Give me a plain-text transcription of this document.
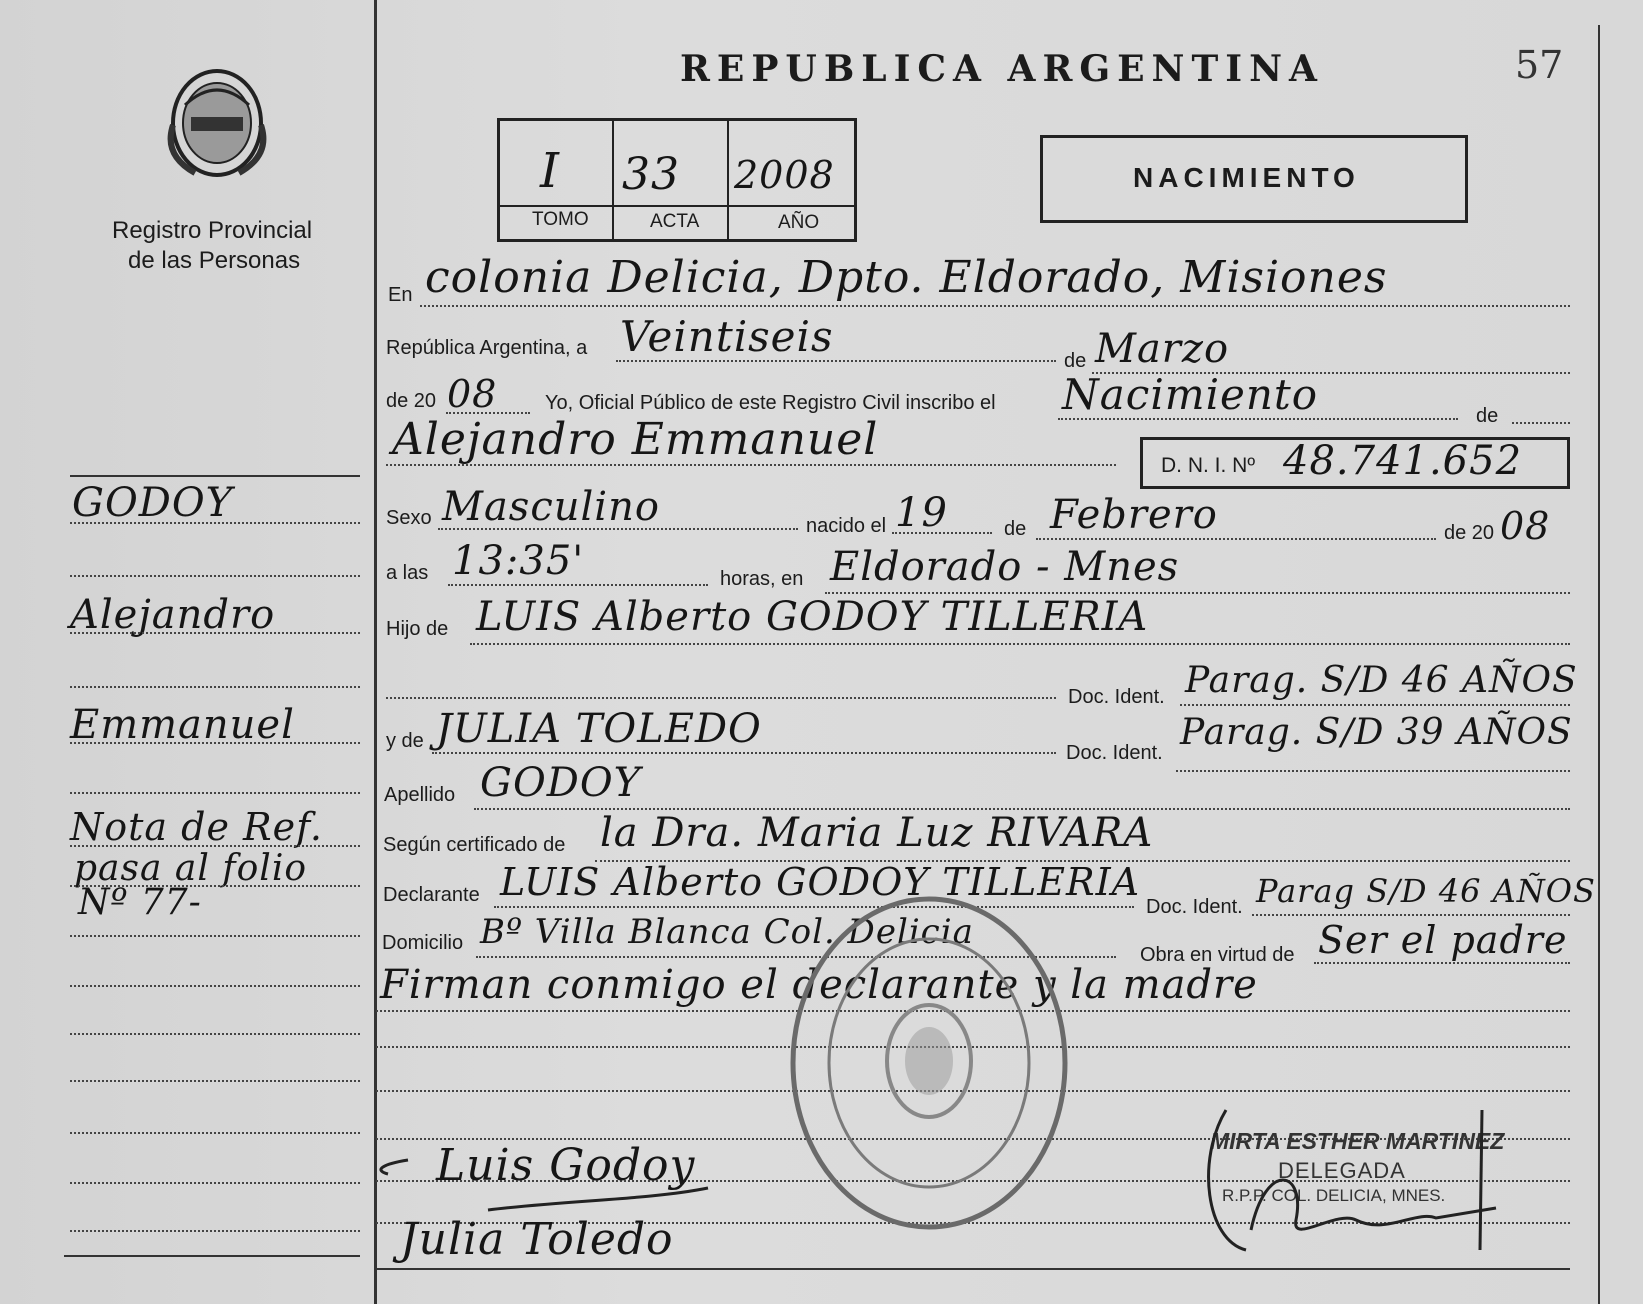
Registro Provincial
de las Personas
REPUBLICA ARGENTINA	57
I 33 2008
TOMO	ACTA	AÑO
NACIMIENTO
GODOY
Alejandro
Emmanuel
Nota de Ref.
pasa al folio
Nº 77-
En colonia Delicia, Dpto. Eldorado, Misiones
República Argentina, a Veintiseis	de Marzo
de 20 08 Yo, Oficial Público de este Registro Civil inscribo el Nacimiento	de
Alejandro Emmanuel
D. N. I. Nº 48.741.652
Sexo Masculino	nacido el 19	de Febrero	de 20 08
a las 13:35'	horas, en Eldorado - Mnes
Hijo de LUIS Alberto GODOY TILLERIA
Doc. Ident. Parag. S/D 46 AÑOS
y de JULIA TOLEDO
Doc. Ident. Parag. S/D 39 AÑOS
Apellido GODOY
Según certificado de la Dra. Maria Luz RIVARA
Declarante LUIS Alberto GODOY TILLERIA
Doc. Ident. Parag S/D 46 AÑOS
Domicilio Bº Villa Blanca Col. Delicia
Obra en virtud de Ser el padre
Firman conmigo el declarante y la madre
MIRTA ESTHER MARTINEZ
DELEGADA
R.P.P. COL. DELICIA, MNES.
Luis Godoy
Julia Toledo
